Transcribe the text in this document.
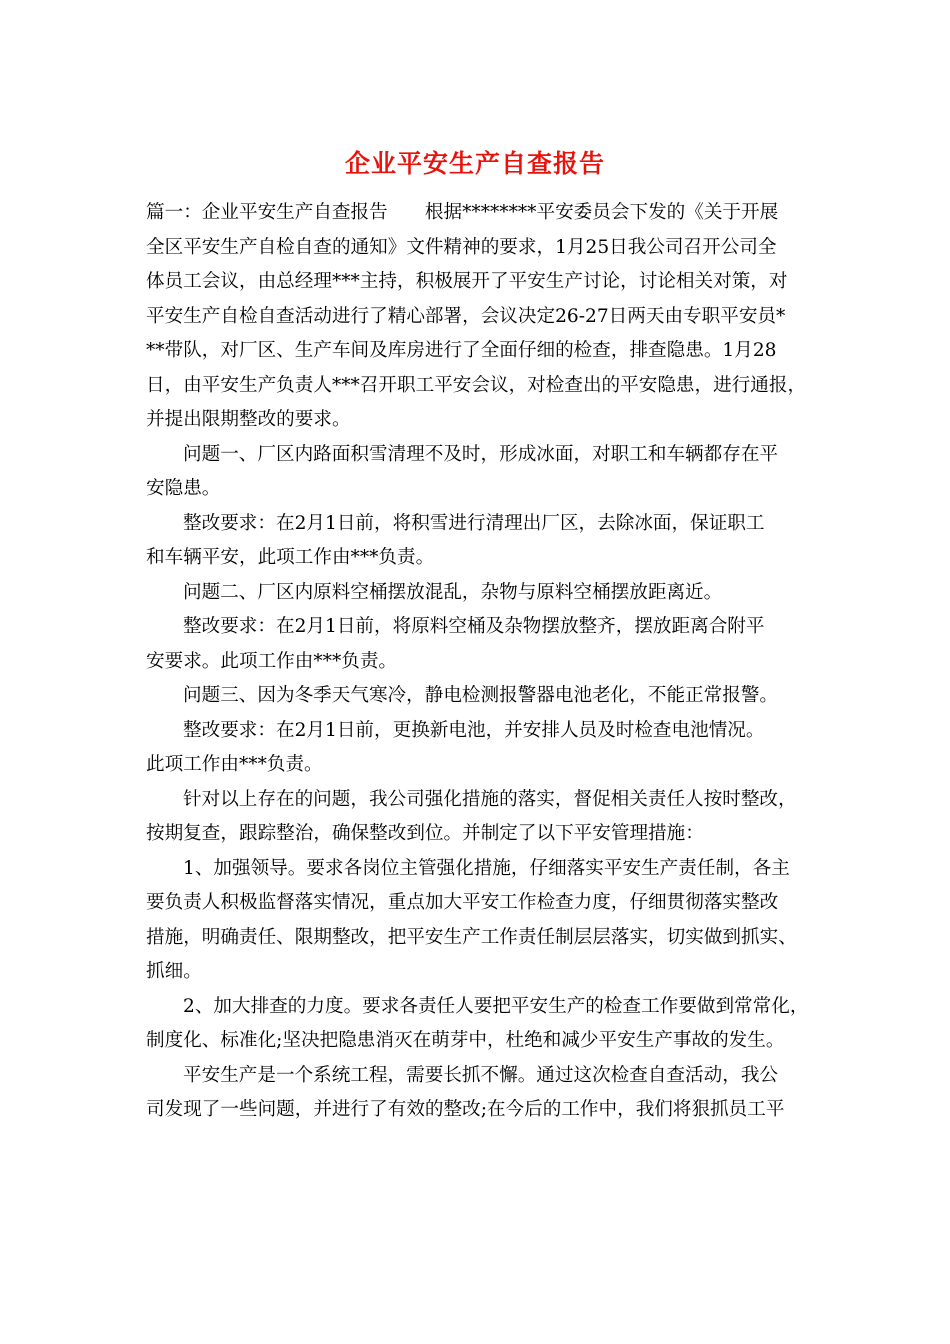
企业平安生产自查报告
篇一：企业平安生产自查报告　　根据********平安委员会下发的《关于开展
全区平安生产自检自查的通知》文件精神的要求，1月25日我公司召开公司全
体员工会议，由总经理***主持，积极展开了平安生产讨论，讨论相关对策，对
平安生产自检自查活动进行了精心部署，会议决定26-27日两天由专职平安员*
**带队，对厂区、生产车间及库房进行了全面仔细的检查，排查隐患。1月28
日，由平安生产负责人***召开职工平安会议，对检查出的平安隐患，进行通报，
并提出限期整改的要求。
问题一、厂区内路面积雪清理不及时，形成冰面，对职工和车辆都存在平
安隐患。
整改要求：在2月1日前，将积雪进行清理出厂区，去除冰面，保证职工
和车辆平安，此项工作由***负责。
问题二、厂区内原料空桶摆放混乱，杂物与原料空桶摆放距离近。
整改要求：在2月1日前，将原料空桶及杂物摆放整齐，摆放距离合附平
安要求。此项工作由***负责。
问题三、因为冬季天气寒冷，静电检测报警器电池老化，不能正常报警。
整改要求：在2月1日前，更换新电池，并安排人员及时检查电池情况。
此项工作由***负责。
针对以上存在的问题，我公司强化措施的落实，督促相关责任人按时整改，
按期复查，跟踪整治，确保整改到位。并制定了以下平安管理措施：
1、加强领导。要求各岗位主管强化措施，仔细落实平安生产责任制，各主
要负责人积极监督落实情况，重点加大平安工作检查力度，仔细贯彻落实整改
措施，明确责任、限期整改，把平安生产工作责任制层层落实，切实做到抓实、
抓细。
2、加大排查的力度。要求各责任人要把平安生产的检查工作要做到常常化，
制度化、标准化;坚决把隐患消灭在萌芽中，杜绝和减少平安生产事故的发生。
平安生产是一个系统工程，需要长抓不懈。通过这次检查自查活动，我公
司发现了一些问题，并进行了有效的整改;在今后的工作中，我们将狠抓员工平
